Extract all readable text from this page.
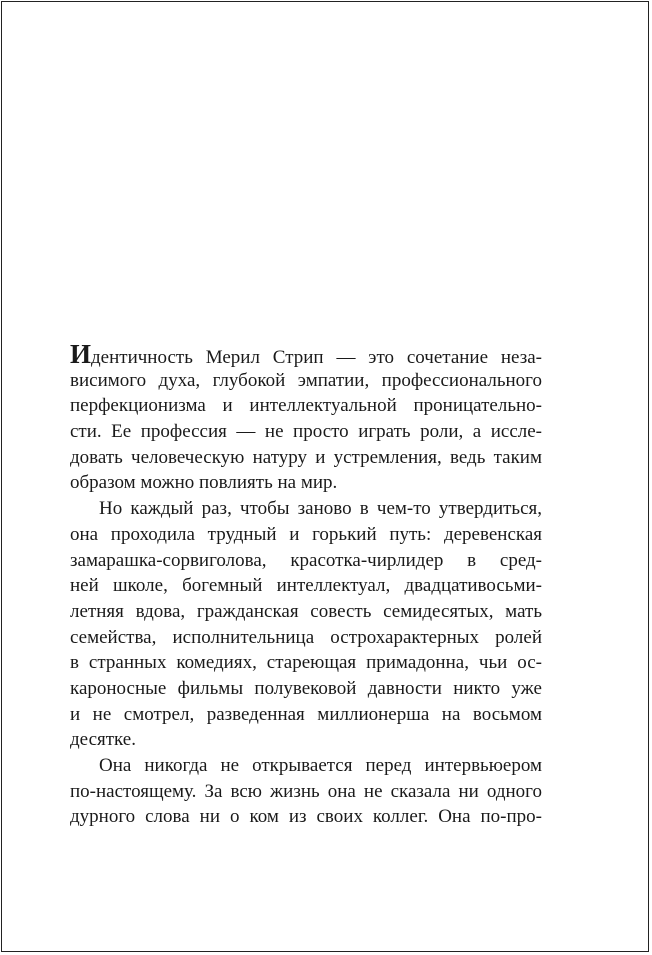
Идентичность Мерил Стрип — это сочетание неза-
висимого духа, глубокой эмпатии, профессионального
перфекционизма и интеллектуальной проницательно-
сти. Ее профессия — не просто играть роли, а иссле-
довать человеческую натуру и устремления, ведь таким
образом можно повлиять на мир.
Но каждый раз, чтобы заново в чем-то утвердиться,
она проходила трудный и горький путь: деревенская
замарашка-сорвиголова, красотка-чирлидер в сред-
ней школе, богемный интеллектуал, двадцативосьми-
летняя вдова, гражданская совесть семидесятых, мать
семейства, исполнительница острохарактерных ролей
в странных комедиях, стареющая примадонна, чьи ос-
кароносные фильмы полувековой давности никто уже
и не смотрел, разведенная миллионерша на восьмом
десятке.
Она никогда не открывается перед интервьюером
по-настоящему. За всю жизнь она не сказала ни одного
дурного слова ни о ком из своих коллег. Она по-про-
